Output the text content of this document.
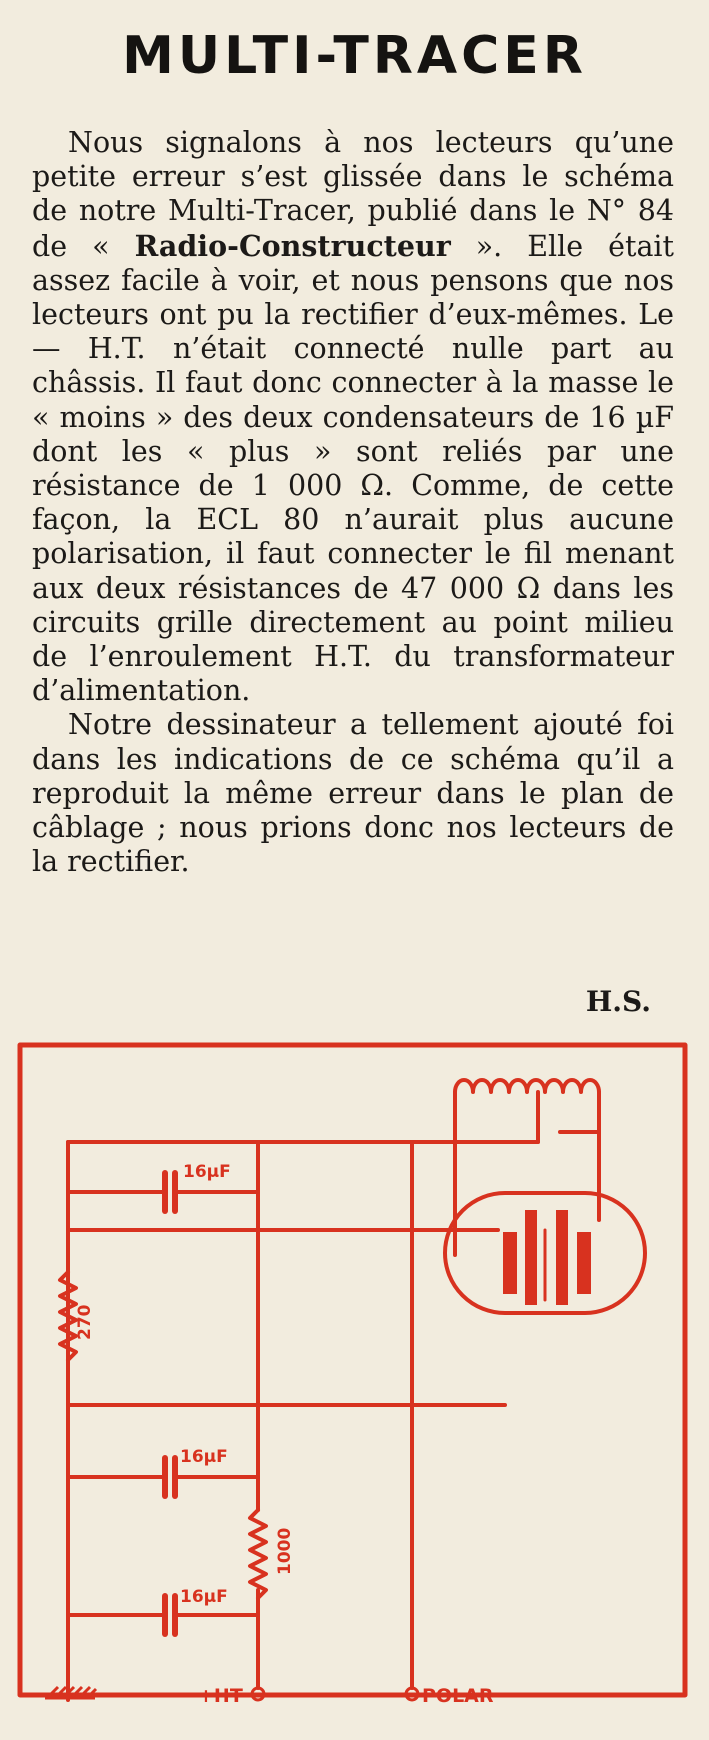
MULTI-TRACER

Nous signalons à nos lecteurs qu’une petite erreur s’est glissée dans le schéma de notre Multi-Tracer, publié dans le N° 84 de « Radio-Constructeur ». Elle était assez facile à voir, et nous pensons que nos lecteurs ont pu la rectifier d’eux-mêmes. Le — H.T. n’était connecté nulle part au châssis. Il faut donc connecter à la masse le « moins » des deux condensateurs de 16 µF dont les « plus » sont reliés par une résistance de 1 000 Ω. Comme, de cette façon, la ECL 80 n’aurait plus aucune polarisation, il faut connecter le fil menant aux deux résistances de 47 000 Ω dans les circuits grille directement au point milieu de l’enroulement H.T. du transformateur d’alimentation.

Notre dessinateur a tellement ajouté foi dans les indications de ce schéma qu’il a reproduit la même erreur dans le plan de câblage ; nous prions donc nos lecteurs de la rectifier.

H.S.
16µF
16µF
16µF
270
1000
+HT	POLAR
